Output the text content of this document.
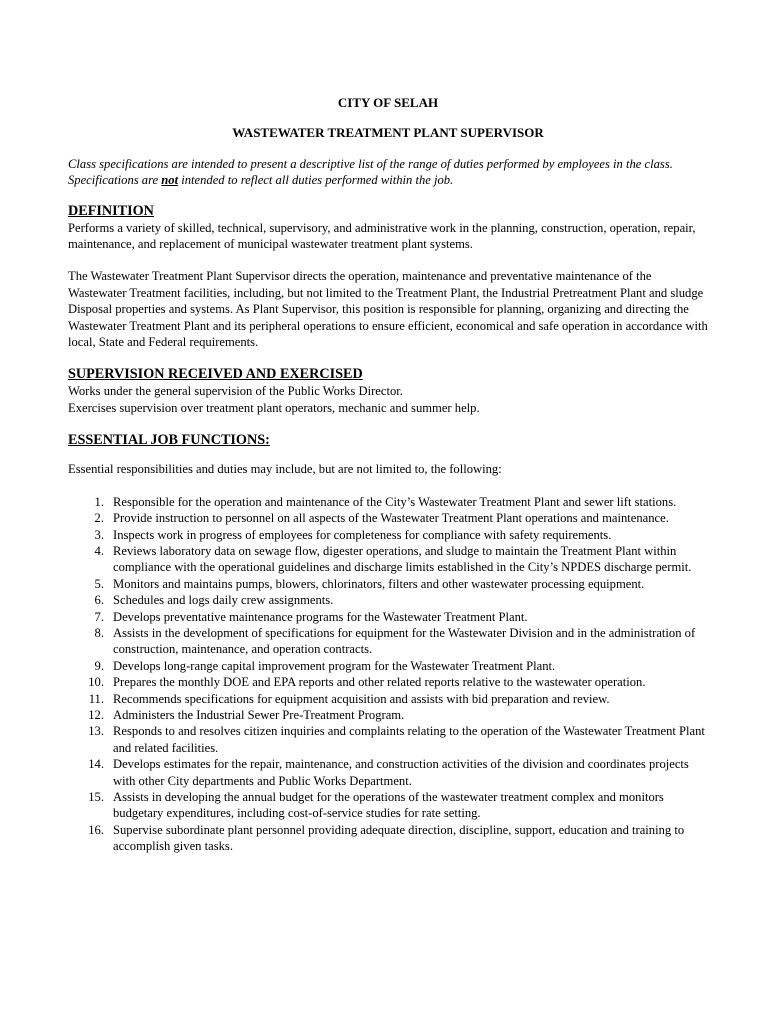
CITY OF SELAH
WASTEWATER TREATMENT PLANT SUPERVISOR

Class specifications are intended to present a descriptive list of the range of duties performed by employees in the class. Specifications are not intended to reflect all duties performed within the job.

DEFINITION

Performs a variety of skilled, technical, supervisory, and administrative work in the planning, construction, operation, repair, maintenance, and replacement of municipal wastewater treatment plant systems.

The Wastewater Treatment Plant Supervisor directs the operation, maintenance and preventative maintenance of the Wastewater Treatment facilities, including, but not limited to the Treatment Plant, the Industrial Pretreatment Plant and sludge Disposal properties and systems. As Plant Supervisor, this position is responsible for planning, organizing and directing the Wastewater Treatment Plant and its peripheral operations to ensure efficient, economical and safe operation in accordance with local, State and Federal requirements.

SUPERVISION RECEIVED AND EXERCISED

Works under the general supervision of the Public Works Director.

Exercises supervision over treatment plant operators, mechanic and summer help.

ESSENTIAL JOB FUNCTIONS:

Essential responsibilities and duties may include, but are not limited to, the following:

1. Responsible for the operation and maintenance of the City’s Wastewater Treatment Plant and sewer lift stations.
2. Provide instruction to personnel on all aspects of the Wastewater Treatment Plant operations and maintenance.
3. Inspects work in progress of employees for completeness for compliance with safety requirements.
4. Reviews laboratory data on sewage flow, digester operations, and sludge to maintain the Treatment Plant within compliance with the operational guidelines and discharge limits established in the City’s NPDES discharge permit.
5. Monitors and maintains pumps, blowers, chlorinators, filters and other wastewater processing equipment.
6. Schedules and logs daily crew assignments.
7. Develops preventative maintenance programs for the Wastewater Treatment Plant.
8. Assists in the development of specifications for equipment for the Wastewater Division and in the administration of construction, maintenance, and operation contracts.
9. Develops long-range capital improvement program for the Wastewater Treatment Plant.
10. Prepares the monthly DOE and EPA reports and other related reports relative to the wastewater operation.
11. Recommends specifications for equipment acquisition and assists with bid preparation and review.
12. Administers the Industrial Sewer Pre-Treatment Program.
13. Responds to and resolves citizen inquiries and complaints relating to the operation of the Wastewater Treatment Plant and related facilities.
14. Develops estimates for the repair, maintenance, and construction activities of the division and coordinates projects with other City departments and Public Works Department.
15. Assists in developing the annual budget for the operations of the wastewater treatment complex and monitors budgetary expenditures, including cost-of-service studies for rate setting.
16. Supervise subordinate plant personnel providing adequate direction, discipline, support, education and training to accomplish given tasks.
